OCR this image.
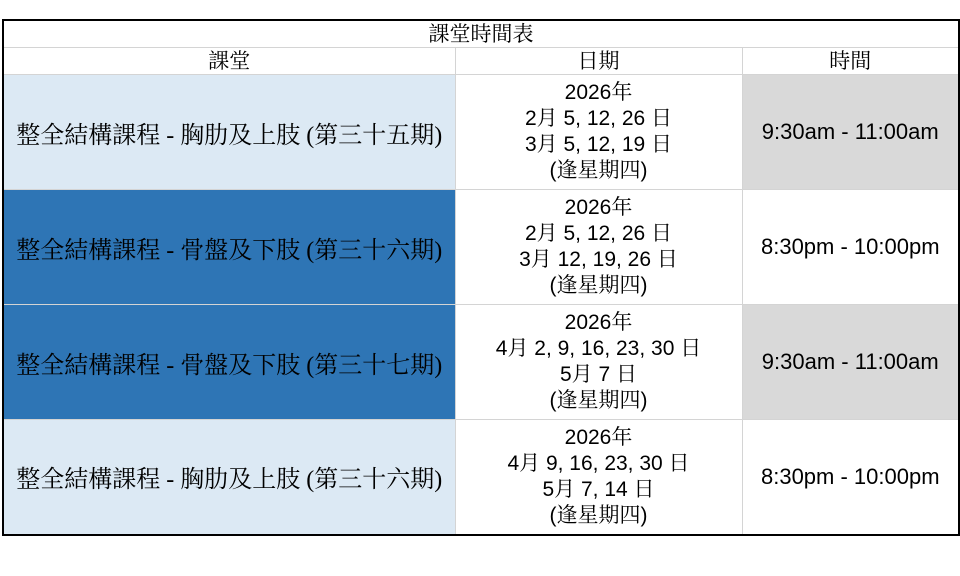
課堂時間表		
課堂	日期	時間
整全結構課程 - 胸肋及上肢 (第三十五期)	2026年
2月 5, 12, 26 日
3月 5, 12, 19 日
(逢星期四)	9:30am - 11:00am
整全結構課程 - 骨盤及下肢 (第三十六期)	2026年
2月 5, 12, 26 日
3月 12, 19, 26 日
(逢星期四)	8:30pm - 10:00pm
整全結構課程 - 骨盤及下肢 (第三十七期)	2026年
4月 2, 9, 16, 23, 30 日
5月 7 日
(逢星期四)	9:30am - 11:00am
整全結構課程 - 胸肋及上肢 (第三十六期)	2026年
4月 9, 16, 23, 30 日
5月 7, 14 日
(逢星期四)	8:30pm - 10:00pm
